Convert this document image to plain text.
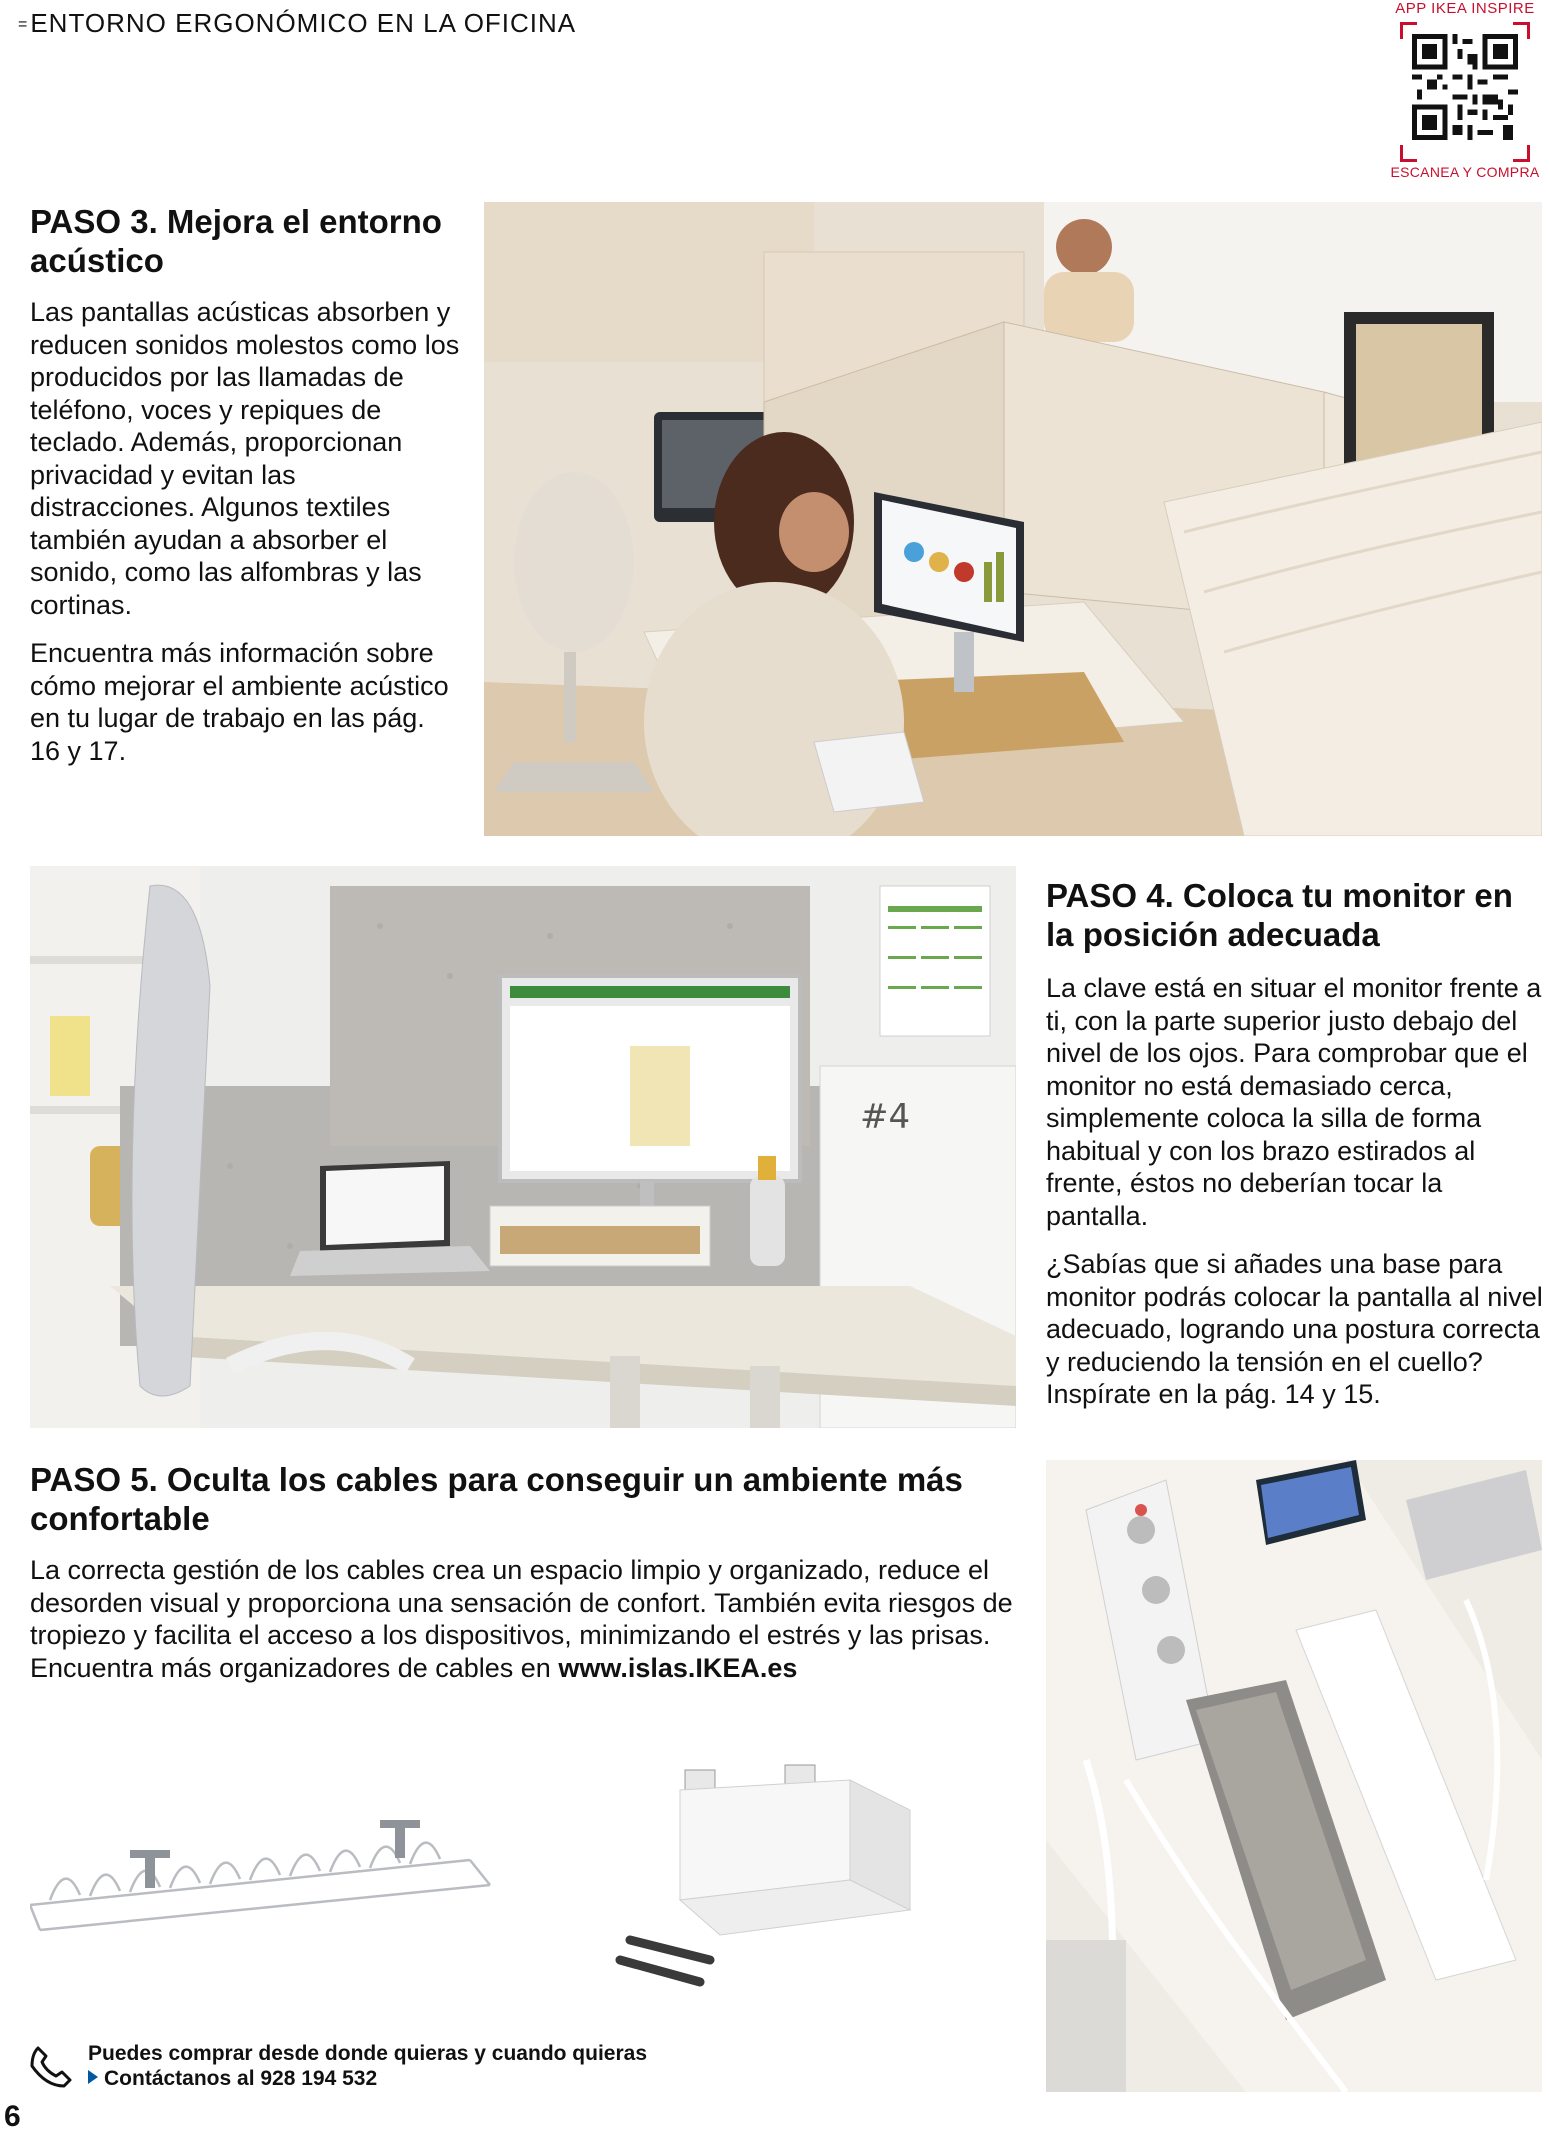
=ENTORNO ERGONÓMICO EN LA OFICINA	APP IKEA INSPIRE
ESCANEA Y COMPRA
PASO 3. Mejora el entorno acústico

Las pantallas acústicas absorben y reducen sonidos molestos como los producidos por las llamadas de teléfono, voces y repiques de teclado. Además, proporcionan privacidad y evitan las distracciones. Algunos textiles también ayudan a absorber el sonido, como las alfombras y las cortinas.

Encuentra más información sobre cómo mejorar el ambiente acústico en tu lugar de trabajo en las pág. 16 y 17.

#4
PASO 4. Coloca tu monitor en la posición adecuada

La clave está en situar el monitor frente a ti, con la parte superior justo debajo del nivel de los ojos. Para comprobar que el monitor no está demasiado cerca, simplemente coloca la silla de forma habitual y con los brazo estirados al frente, éstos no deberían tocar la pantalla.

¿Sabías que si añades una base para monitor podrás colocar la pantalla al nivel adecuado, logrando una postura correcta y reduciendo la tensión en el cuello? Inspírate en la pág. 14 y 15.

PASO 5. Oculta los cables para conseguir un ambiente más confortable

La correcta gestión de los cables crea un espacio limpio y organizado, reduce el desorden visual y proporciona una sensación de confort. También evita riesgos de tropiezo y facilita el acceso a los dispositivos, minimizando el estrés y las prisas. Encuentra más organizadores de cables en www.islas.IKEA.es

Puedes comprar desde donde quieras y cuando quieras
Contáctanos al 928 194 532
6
